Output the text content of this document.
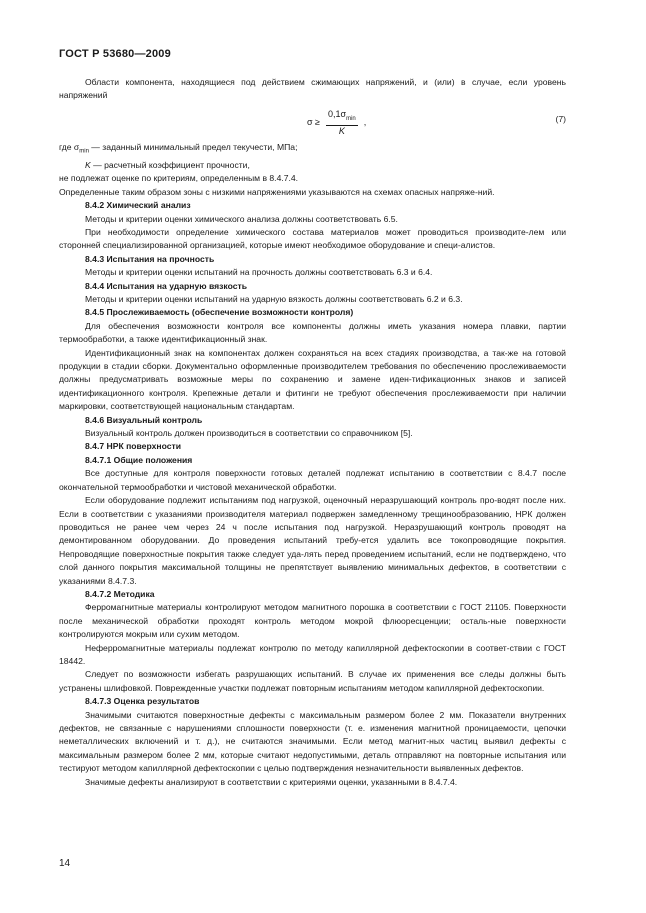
ГОСТ Р 53680—2009

Области компонента, находящиеся под действием сжимающих напряжений, и (или) в случае, если уровень напряжений

$\sigma \ge \frac{0,1\sigma_{min}}{K}$ ,	(7)

где $\sigma_{min}$ — заданный минимальный предел текучести, МПа;

K — расчетный коэффициент прочности,

не подлежат оценке по критериям, определенным в 8.4.7.4.

Определенные таким образом зоны с низкими напряжениями указываются на схемах опасных напряже-ний.

8.4.2 Химический анализ

Методы и критерии оценки химического анализа должны соответствовать 6.5.

При необходимости определение химического состава материалов может проводиться производите-лем или сторонней специализированной организацией, которые имеют необходимое оборудование и специ-алистов.

8.4.3 Испытания на прочность

Методы и критерии оценки испытаний на прочность должны соответствовать 6.3 и 6.4.

8.4.4 Испытания на ударную вязкость

Методы и критерии оценки испытаний на ударную вязкость должны соответствовать 6.2 и 6.3.

8.4.5 Прослеживаемость (обеспечение возможности контроля)

Для обеспечения возможности контроля все компоненты должны иметь указания номера плавки, партии термообработки, а также идентификационный знак.

Идентификационный знак на компонентах должен сохраняться на всех стадиях производства, а так-же на готовой продукции в стадии сборки. Документально оформленные производителем требования по обеспечению прослеживаемости должны предусматривать возможные меры по сохранению и замене иден-тификационных знаков и записей идентификационного контроля. Крепежные детали и фитинги не требуют обеспечения прослеживаемости при наличии маркировки, соответствующей национальным стандартам.

8.4.6 Визуальный контроль

Визуальный контроль должен производиться в соответствии со справочником [5].

8.4.7 НРК поверхности

8.4.7.1 Общие положения

Все доступные для контроля поверхности готовых деталей подлежат испытанию в соответствии с 8.4.7 после окончательной термообработки и чистовой механической обработки.

Если оборудование подлежит испытаниям под нагрузкой, оценочный неразрушающий контроль про-водят после них. Если в соответствии с указаниями производителя материал подвержен замедленному трещинообразованию, НРК должен проводиться не ранее чем через 24 ч после испытания под нагрузкой. Неразрушающий контроль проводят на демонтированном оборудовании. До проведения испытаний требу-ется удалить все токопроводящие покрытия. Непроводящие поверхностные покрытия также следует уда-лять перед проведением испытаний, если не подтверждено, что слой данного покрытия максимальной толщины не препятствует выявлению минимальных дефектов, в соответствии с указаниями 8.4.7.3.

8.4.7.2 Методика

Ферромагнитные материалы контролируют методом магнитного порошка в соответствии с ГОСТ 21105. Поверхности после механической обработки проходят контроль методом мокрой флюоресценции; осталь-ные поверхности контролируются мокрым или сухим методом.

Неферромагнитные материалы подлежат контролю по методу капиллярной дефектоскопии в соответ-ствии с ГОСТ 18442.

Следует по возможности избегать разрушающих испытаний. В случае их применения все следы должны быть устранены шлифовкой. Поврежденные участки подлежат повторным испытаниям методом капиллярной дефектоскопии.

8.4.7.3 Оценка результатов

Значимыми считаются поверхностные дефекты с максимальным размером более 2 мм. Показатели внутренних дефектов, не связанные с нарушениями сплошности поверхности (т. е. изменения магнитной проницаемости, цепочки неметаллических включений и т. д.), не считаются значимыми. Если метод магнит-ных частиц выявил дефекты с максимальным размером более 2 мм, которые считают недопустимыми, деталь отправляют на повторные испытания или тестируют методом капиллярной дефектоскопии с целью подтверждения незначительности выявленных дефектов.

Значимые дефекты анализируют в соответствии с критериями оценки, указанными в 8.4.7.4.

14
